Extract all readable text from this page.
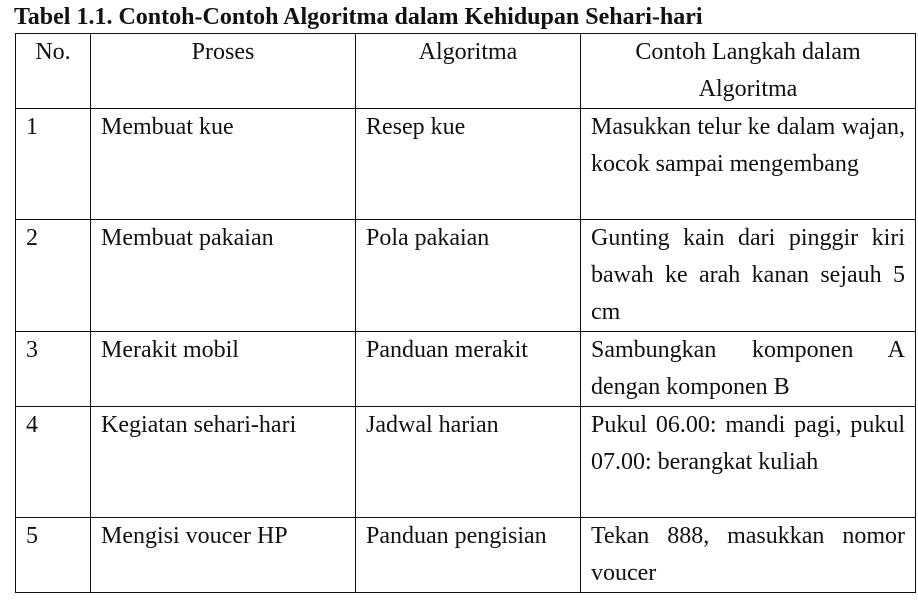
Tabel 1.1. Contoh-Contoh Algoritma dalam Kehidupan Sehari-hari
No.	Proses	Algoritma	Contoh Langkah dalam Algoritma
1	Membuat kue	Resep kue	Masukkan telur ke dalam wajan, kocok sampai mengembang
2	Membuat pakaian	Pola pakaian	Gunting kain dari pinggir kiri bawah ke arah kanan sejauh 5 cm
3	Merakit mobil	Panduan merakit	Sambungkan komponen A dengan komponen B
4	Kegiatan sehari-hari	Jadwal harian	Pukul 06.00: mandi pagi, pukul 07.00: berangkat kuliah
5	Mengisi voucer HP	Panduan pengisian	Tekan 888, masukkan nomor voucer
